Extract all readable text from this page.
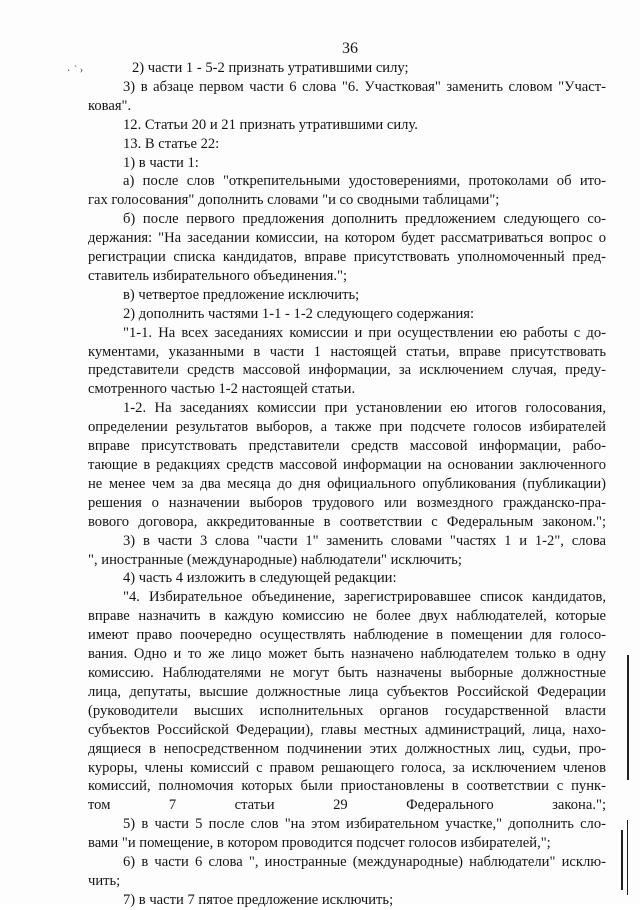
36
٠ ` ›	2) части 1 - 5-2 признать утратившими силу;

3) в абзаце первом части 6 слова "6. Участковая" заменить словом "Участ-

ковая".

12. Статьи 20 и 21 признать утратившими силу.

13. В статье 22:

1) в части 1:

а) после слов "открепительными удостоверениями, протоколами об ито-

гах голосования" дополнить словами "и со сводными таблицами";

б) после первого предложения дополнить предложением следующего со-

держания: "На заседании комиссии, на котором будет рассматриваться вопрос о

регистрации списка кандидатов, вправе присутствовать уполномоченный пред-

ставитель избирательного объединения.";

в) четвертое предложение исключить;

2) дополнить частями 1-1 - 1-2 следующего содержания:

"1-1. На всех заседаниях комиссии и при осуществлении ею работы с до-

кументами, указанными в части 1 настоящей статьи, вправе присутствовать

представители средств массовой информации, за исключением случая, преду-

смотренного частью 1-2 настоящей статьи.

1-2. На заседаниях комиссии при установлении ею итогов голосования,

определении результатов выборов, а также при подсчете голосов избирателей

вправе присутствовать представители средств массовой информации, рабо-

тающие в редакциях средств массовой информации на основании заключенного

не менее чем за два месяца до дня официального опубликования (публикации)

решения о назначении выборов трудового или возмездного гражданско-пра-

вового договора, аккредитованные в соответствии с Федеральным законом.";

3) в части 3 слова "части 1" заменить словами "частях 1 и 1-2", слова

", иностранные (международные) наблюдатели" исключить;

4) часть 4 изложить в следующей редакции:

"4. Избирательное объединение, зарегистрировавшее список кандидатов,

вправе назначить в каждую комиссию не более двух наблюдателей, которые

имеют право поочередно осуществлять наблюдение в помещении для голосо-

вания. Одно и то же лицо может быть назначено наблюдателем только в одну

комиссию. Наблюдателями не могут быть назначены выборные должностные

лица, депутаты, высшие должностные лица субъектов Российской Федерации

(руководители высших исполнительных органов государственной власти

субъектов Российской Федерации), главы местных администраций, лица, нахо-

дящиеся в непосредственном подчинении этих должностных лиц, судьи, про-

куроры, члены комиссий с правом решающего голоса, за исключением членов

комиссий, полномочия которых были приостановлены в соответствии с пунк-

том 7 статьи 29 Федерального закона.";

5) в части 5 после слов "на этом избирательном участке," дополнить сло-

вами "и помещение, в котором проводится подсчет голосов избирателей,";

6) в части 6 слова ", иностранные (международные) наблюдатели" исклю-

чить;

7) в части 7 пятое предложение исключить;
